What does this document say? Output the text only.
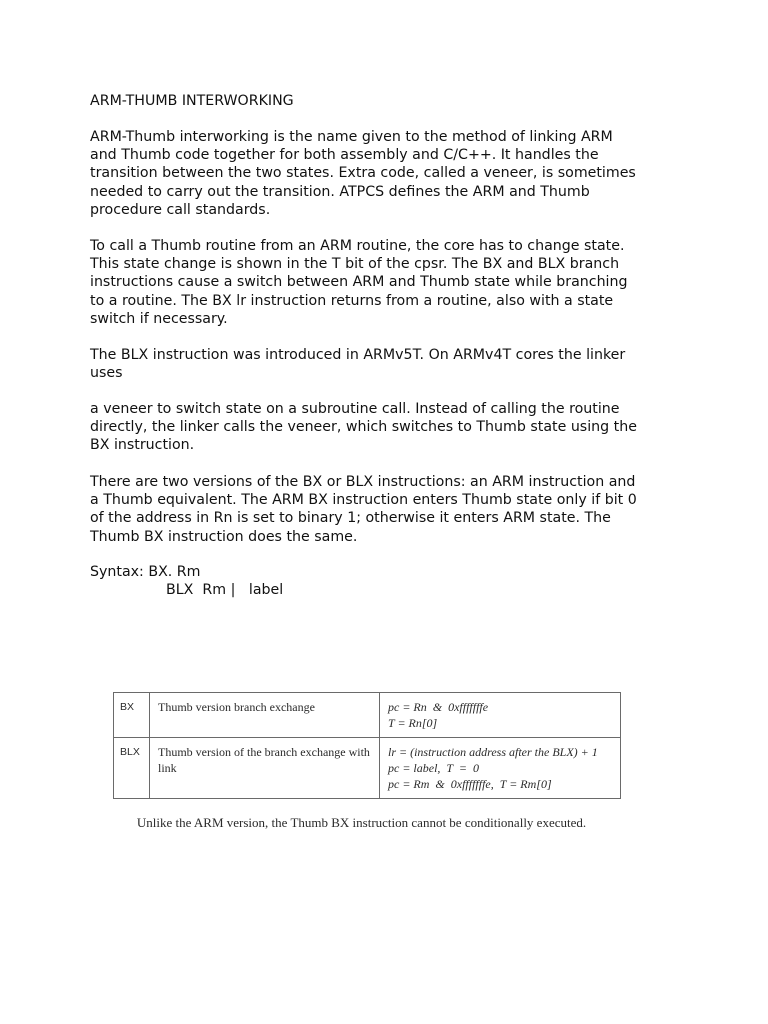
ARM-THUMB INTERWORKING
ARM-Thumb interworking is the name given to the method of linking ARM
and Thumb code together for both assembly and C/C++. It handles the
transition between the two states. Extra code, called a veneer, is sometimes
needed to carry out the transition. ATPCS defines the ARM and Thumb
procedure call standards.
To call a Thumb routine from an ARM routine, the core has to change state.
This state change is shown in the T bit of the cpsr. The BX and BLX branch
instructions cause a switch between ARM and Thumb state while branching
to a routine. The BX lr instruction returns from a routine, also with a state
switch if necessary.
The BLX instruction was introduced in ARMv5T. On ARMv4T cores the linker
uses
a veneer to switch state on a subroutine call. Instead of calling the routine
directly, the linker calls the veneer, which switches to Thumb state using the
BX instruction.
There are two versions of the BX or BLX instructions: an ARM instruction and
a Thumb equivalent. The ARM BX instruction enters Thumb state only if bit 0
of the address in Rn is set to binary 1; otherwise it enters ARM state. The
Thumb BX instruction does the same.
Syntax: BX. Rm
BLX  Rm |   label
BX	Thumb version branch exchange	pc = Rn  &  0xfffffffe
T = Rn[0]

BLX	Thumb version of the branch exchange with link	lr = (instruction address after the BLX) + 1
pc = label,  T  =  0
pc = Rm  &  0xfffffffe,  T = Rm[0]
Unlike the ARM version, the Thumb BX instruction cannot be conditionally executed.
